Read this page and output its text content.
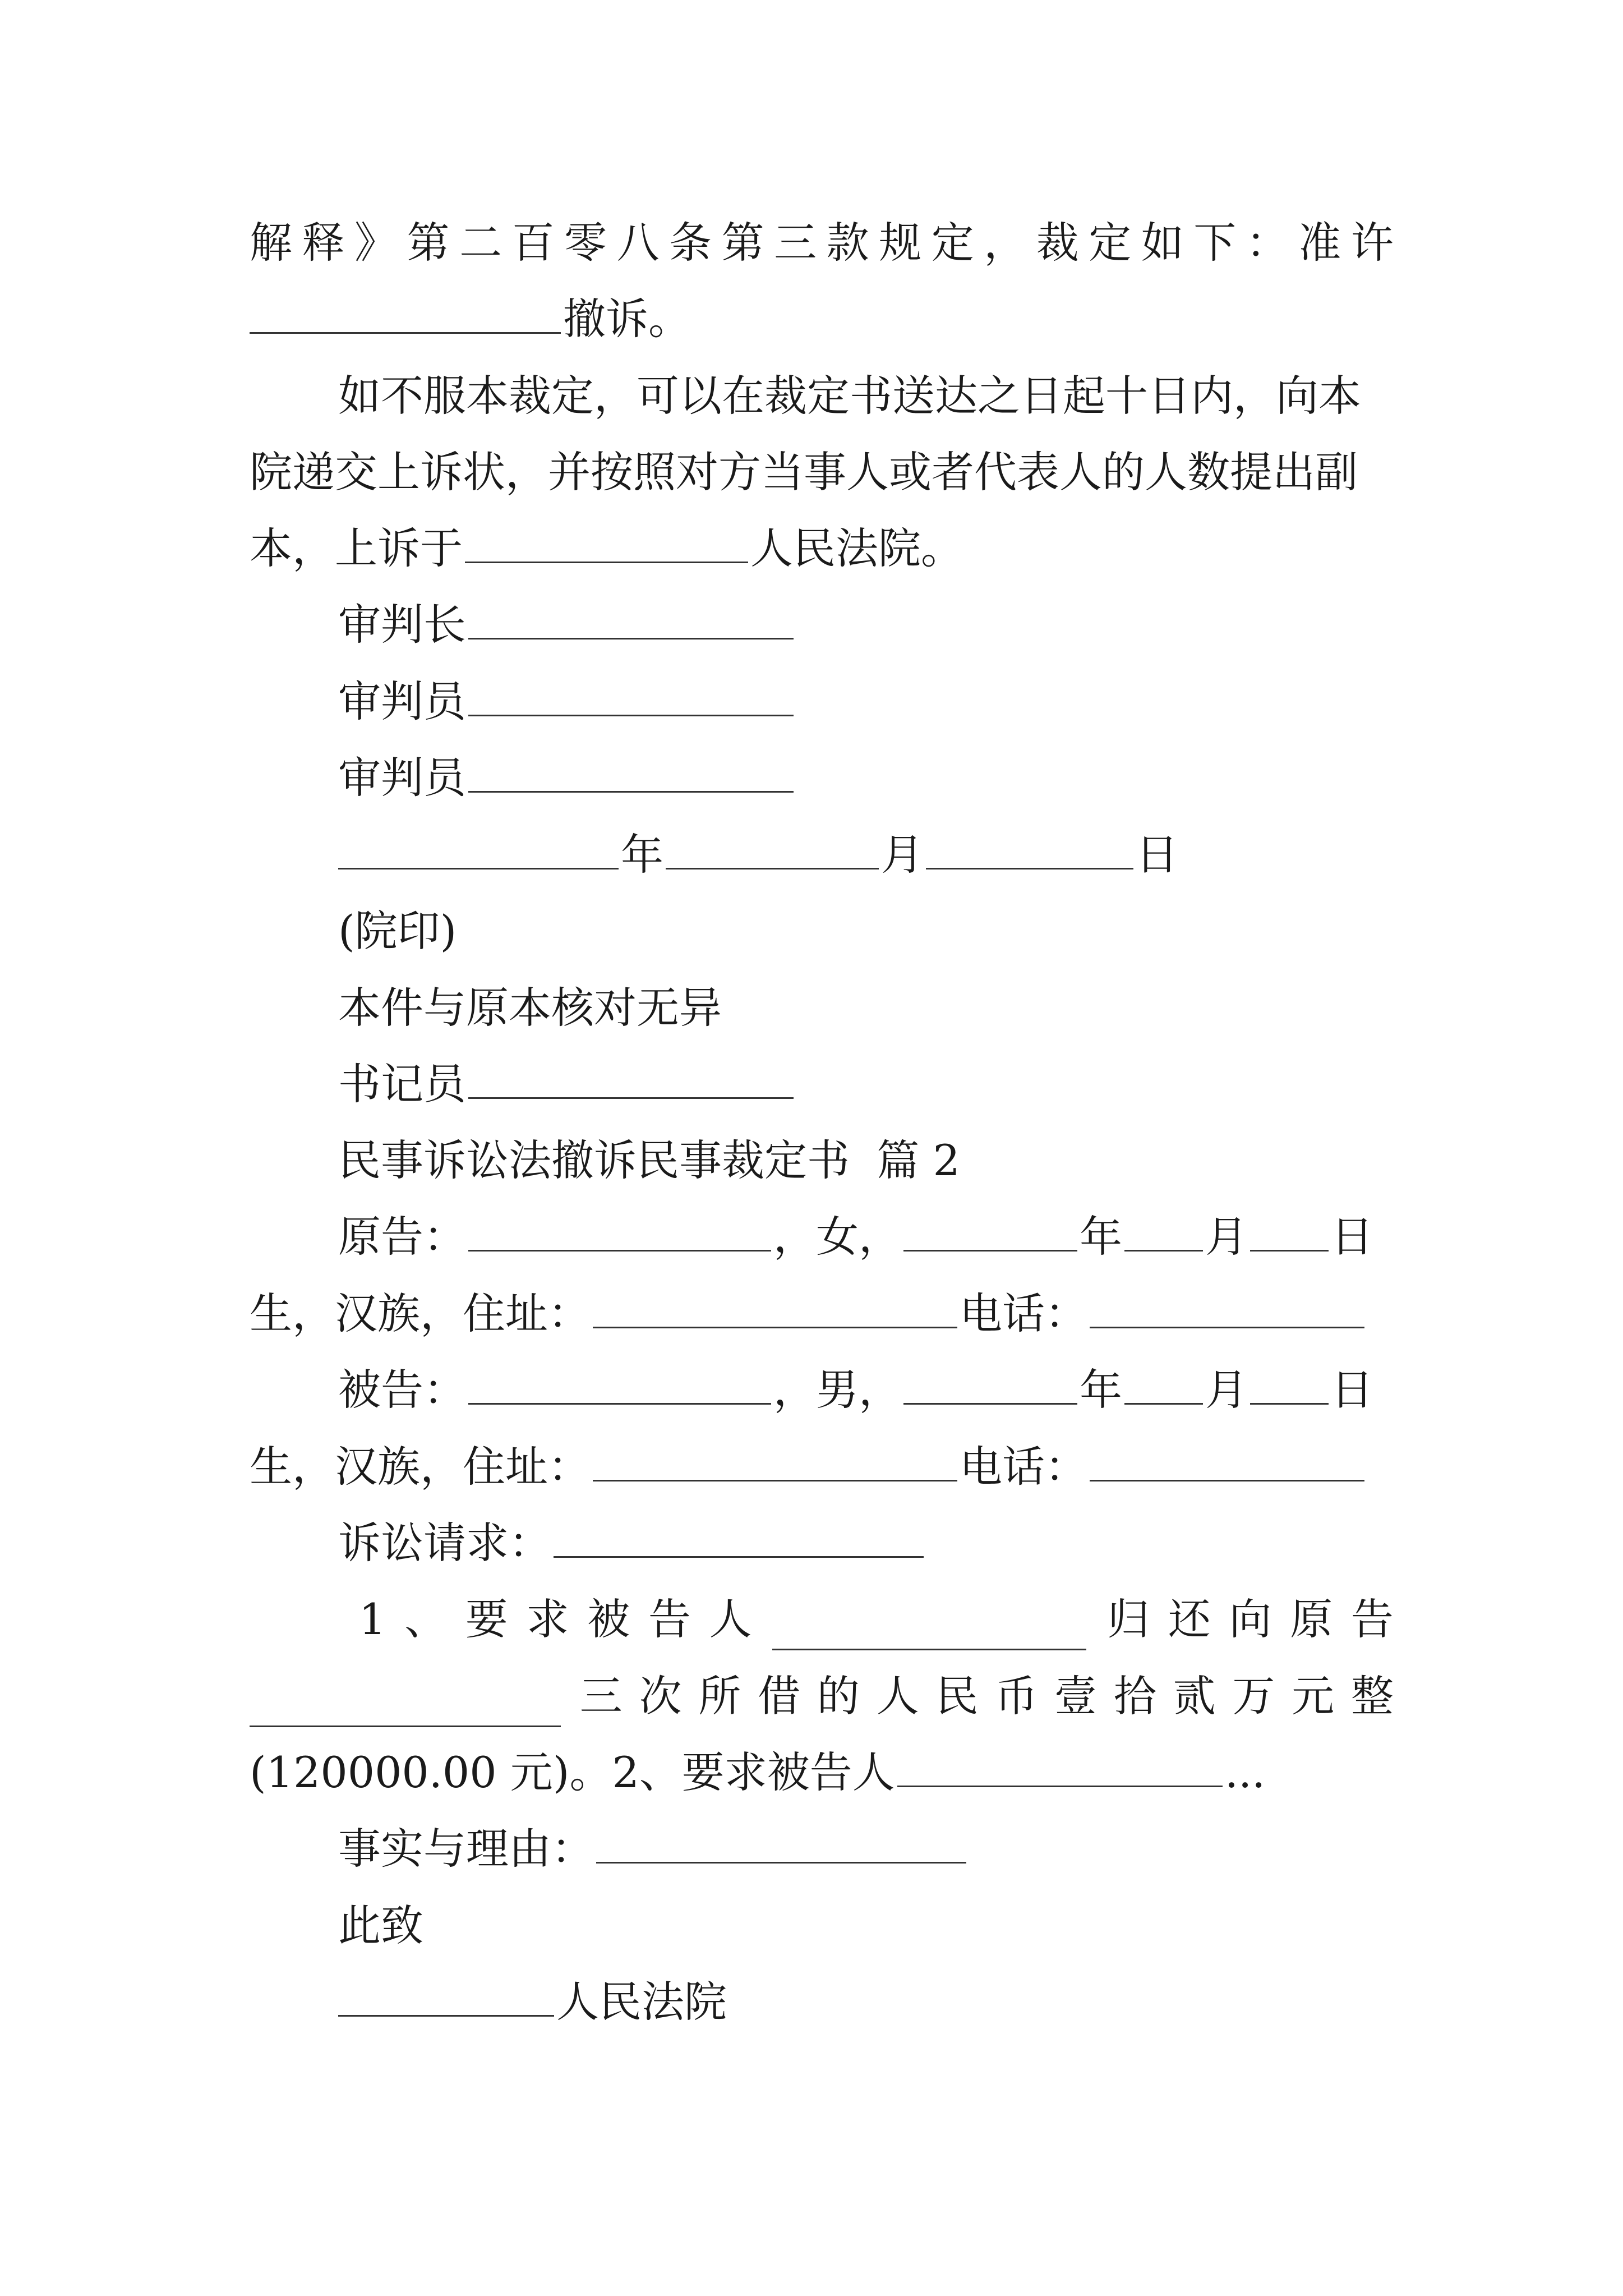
解 释 》 第 二 百 零 八 条 第 三 款 规 定 ， 裁 定 如 下 ： 准 许
撤诉。
如不服本裁定，可以在裁定书送达之日起十日内，向本
院递交上诉状，并按照对方当事人或者代表人的人数提出副
本，上诉于	人民法院。
审判长
审判员
审判员
年	月	日
(院印)
本件与原本核对无异
书记员
民事诉讼法撤诉民事裁定书  篇 2
原告：	，女，	年 月 日
生，汉族，住址：	电话：
被告：	，男，	年 月 日
生，汉族，住址：	电话：
诉讼请求：
1 、 要 求 被 告 人	归 还 向 原 告
三 次 所 借 的 人 民 币 壹 拾 贰 万 元 整
(120000.00 元)。2、要求被告人	...
事实与理由：
此致
人民法院
